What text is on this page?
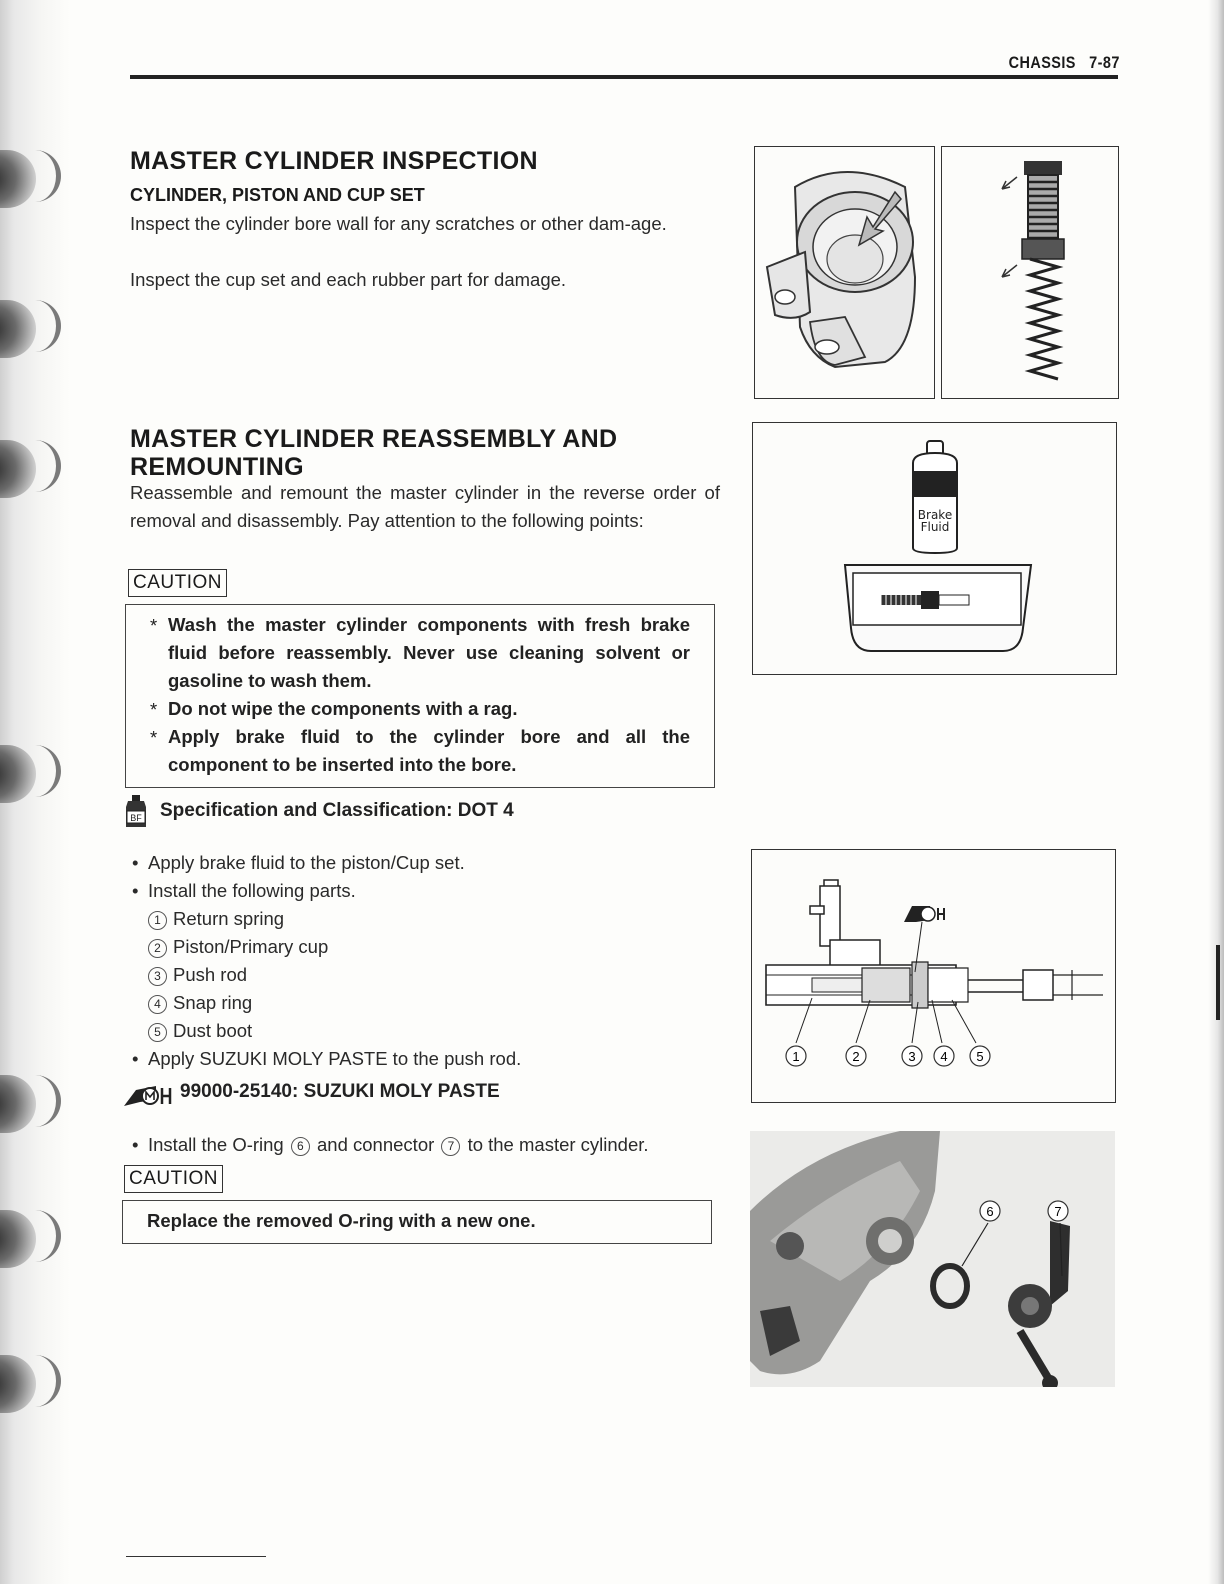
CHASSIS 7-87
MASTER CYLINDER INSPECTION
CYLINDER, PISTON AND CUP SET
Inspect the cylinder bore wall for any scratches or other dam-age.
Inspect the cup set and each rubber part for damage.
MASTER CYLINDER REASSEMBLY AND
REMOUNTING
Reassemble and remount the master cylinder in the reverse order of removal and disassembly. Pay attention to the following points:
CAUTION
* Wash the master cylinder components with fresh brake fluid before reassembly. Never use cleaning solvent or gasoline to wash them.
* Do not wipe the components with a rag.
* Apply brake fluid to the cylinder bore and all the component to be inserted into the bore.
BF Specification and Classification: DOT 4
Brake
Fluid
• Apply brake fluid to the piston/Cup set.
• Install the following parts.
1 Return spring
2 Piston/Primary cup
3 Push rod
4 Snap ring
5 Dust boot
• Apply SUZUKI MOLY PASTE to the push rod.
99000-25140: SUZUKI MOLY PASTE
• Install the O-ring 6 and connector 7 to the master cylinder.
CAUTION
Replace the removed O-ring with a new one.
1	2	3 4 5
6	7
